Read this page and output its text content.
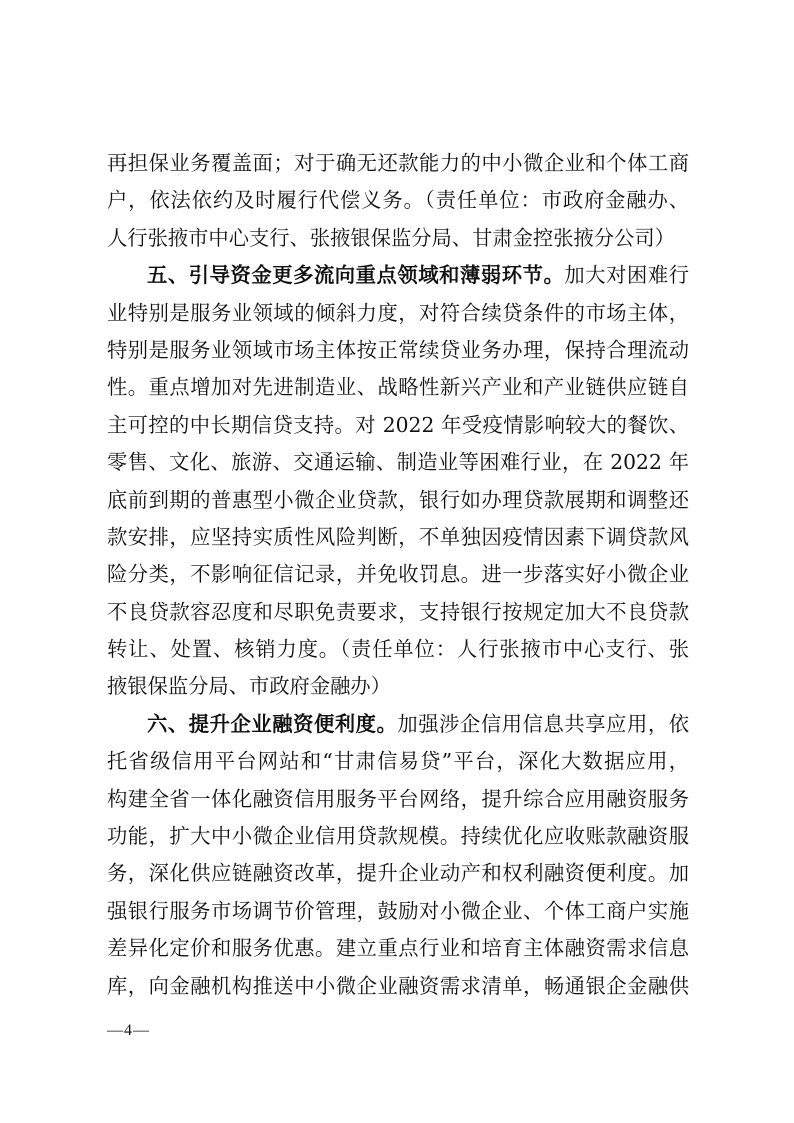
再担保业务覆盖面；对于确无还款能力的中小微企业和个体工商
户，依法依约及时履行代偿义务。（责任单位：市政府金融办、
人行张掖市中心支行、张掖银保监分局、甘肃金控张掖分公司）
五、引导资金更多流向重点领域和薄弱环节。加大对困难行
业特别是服务业领域的倾斜力度，对符合续贷条件的市场主体，
特别是服务业领域市场主体按正常续贷业务办理，保持合理流动
性。重点增加对先进制造业、战略性新兴产业和产业链供应链自
主可控的中长期信贷支持。对 2022 年受疫情影响较大的餐饮、
零售、文化、旅游、交通运输、制造业等困难行业，在 2022 年
底前到期的普惠型小微企业贷款，银行如办理贷款展期和调整还
款安排，应坚持实质性风险判断，不单独因疫情因素下调贷款风
险分类，不影响征信记录，并免收罚息。进一步落实好小微企业
不良贷款容忍度和尽职免责要求，支持银行按规定加大不良贷款
转让、处置、核销力度。（责任单位：人行张掖市中心支行、张
掖银保监分局、市政府金融办）
六、提升企业融资便利度。加强涉企信用信息共享应用，依
托省级信用平台网站和“甘肃信易贷”平台，深化大数据应用，
构建全省一体化融资信用服务平台网络，提升综合应用融资服务
功能，扩大中小微企业信用贷款规模。持续优化应收账款融资服
务，深化供应链融资改革，提升企业动产和权利融资便利度。加
强银行服务市场调节价管理，鼓励对小微企业、个体工商户实施
差异化定价和服务优惠。建立重点行业和培育主体融资需求信息
库，向金融机构推送中小微企业融资需求清单，畅通银企金融供
—4—
